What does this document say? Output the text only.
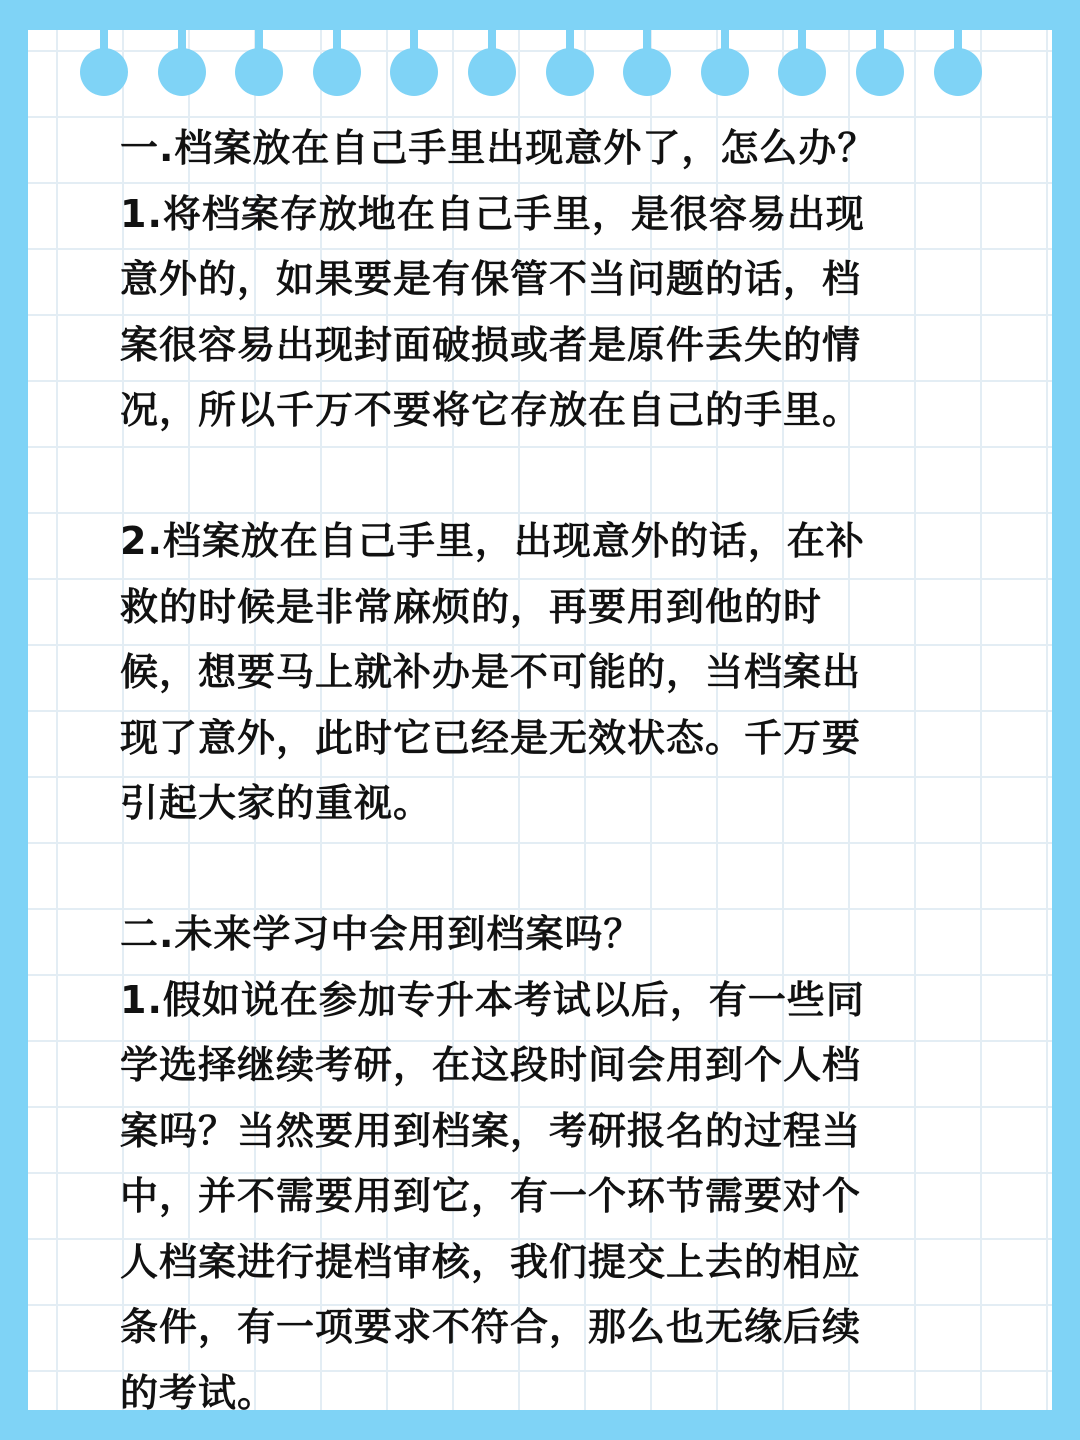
一.档案放在自己手里出现意外了，怎么办？
1.将档案存放地在自己手里，是很容易出现
意外的，如果要是有保管不当问题的话，档
案很容易出现封面破损或者是原件丢失的情
况，所以千万不要将它存放在自己的手里。
2.档案放在自己手里，出现意外的话，在补
救的时候是非常麻烦的，再要用到他的时
候，想要马上就补办是不可能的，当档案出
现了意外，此时它已经是无效状态。千万要
引起大家的重视。
二.未来学习中会用到档案吗？
1.假如说在参加专升本考试以后，有一些同
学选择继续考研，在这段时间会用到个人档
案吗？当然要用到档案，考研报名的过程当
中，并不需要用到它，有一个环节需要对个
人档案进行提档审核，我们提交上去的相应
条件，有一项要求不符合，那么也无缘后续
的考试。
